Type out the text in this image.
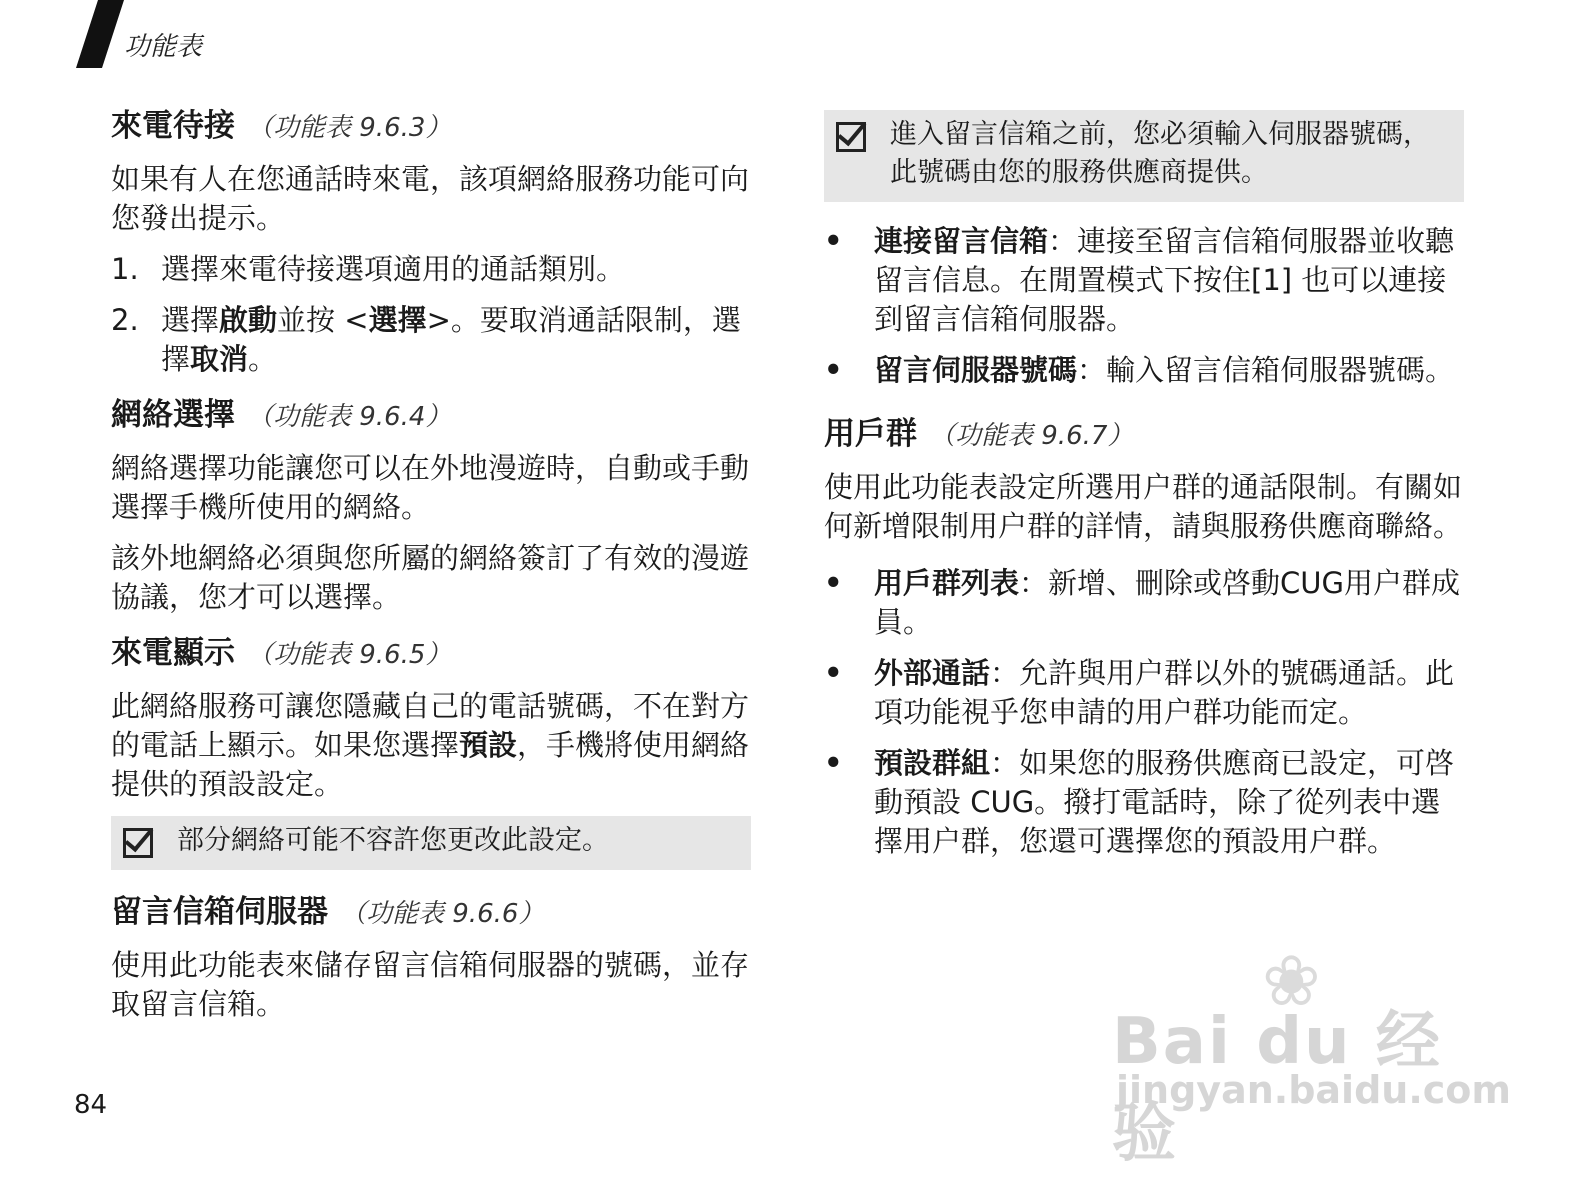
功能表
來電待接 （功能表 9.6.3）

如果有人在您通話時來電，該項網絡服務功能可向您發出提示。

1. 選擇來電待接選項適用的通話類別。
2. 選擇啟動並按 <選擇>。要取消通話限制，選擇取消。
網絡選擇 （功能表 9.6.4）

網絡選擇功能讓您可以在外地漫遊時，自動或手動選擇手機所使用的網絡。

該外地網絡必須與您所屬的網絡簽訂了有效的漫遊協議，您才可以選擇。

來電顯示 （功能表 9.6.5）

此網絡服務可讓您隱藏自己的電話號碼，不在對方的電話上顯示。如果您選擇預設，手機將使用網絡提供的預設設定。

部分網絡可能不容許您更改此設定。
留言信箱伺服器 （功能表 9.6.6）

使用此功能表來儲存留言信箱伺服器的號碼，並存取留言信箱。

進入留言信箱之前，您必須輸入伺服器號碼，此號碼由您的服務供應商提供。
• 連接留言信箱：連接至留言信箱伺服器並收聽留言信息。在閒置模式下按住[1] 也可以連接到留言信箱伺服器。
• 留言伺服器號碼：輸入留言信箱伺服器號碼。
用戶群 （功能表 9.6.7）

使用此功能表設定所選用户群的通話限制。有關如何新增限制用户群的詳情，請與服務供應商聯絡。

• 用戶群列表：新增、刪除或啓動CUG用户群成員。
• 外部通話：允許與用户群以外的號碼通話。此項功能視乎您申請的用户群功能而定。
• 預設群組：如果您的服務供應商已設定，可啓動預設 CUG。撥打電話時，除了從列表中選擇用户群，您還可選擇您的預設用户群。
84
❀
Bai du 经验
jingyan.baidu.com
